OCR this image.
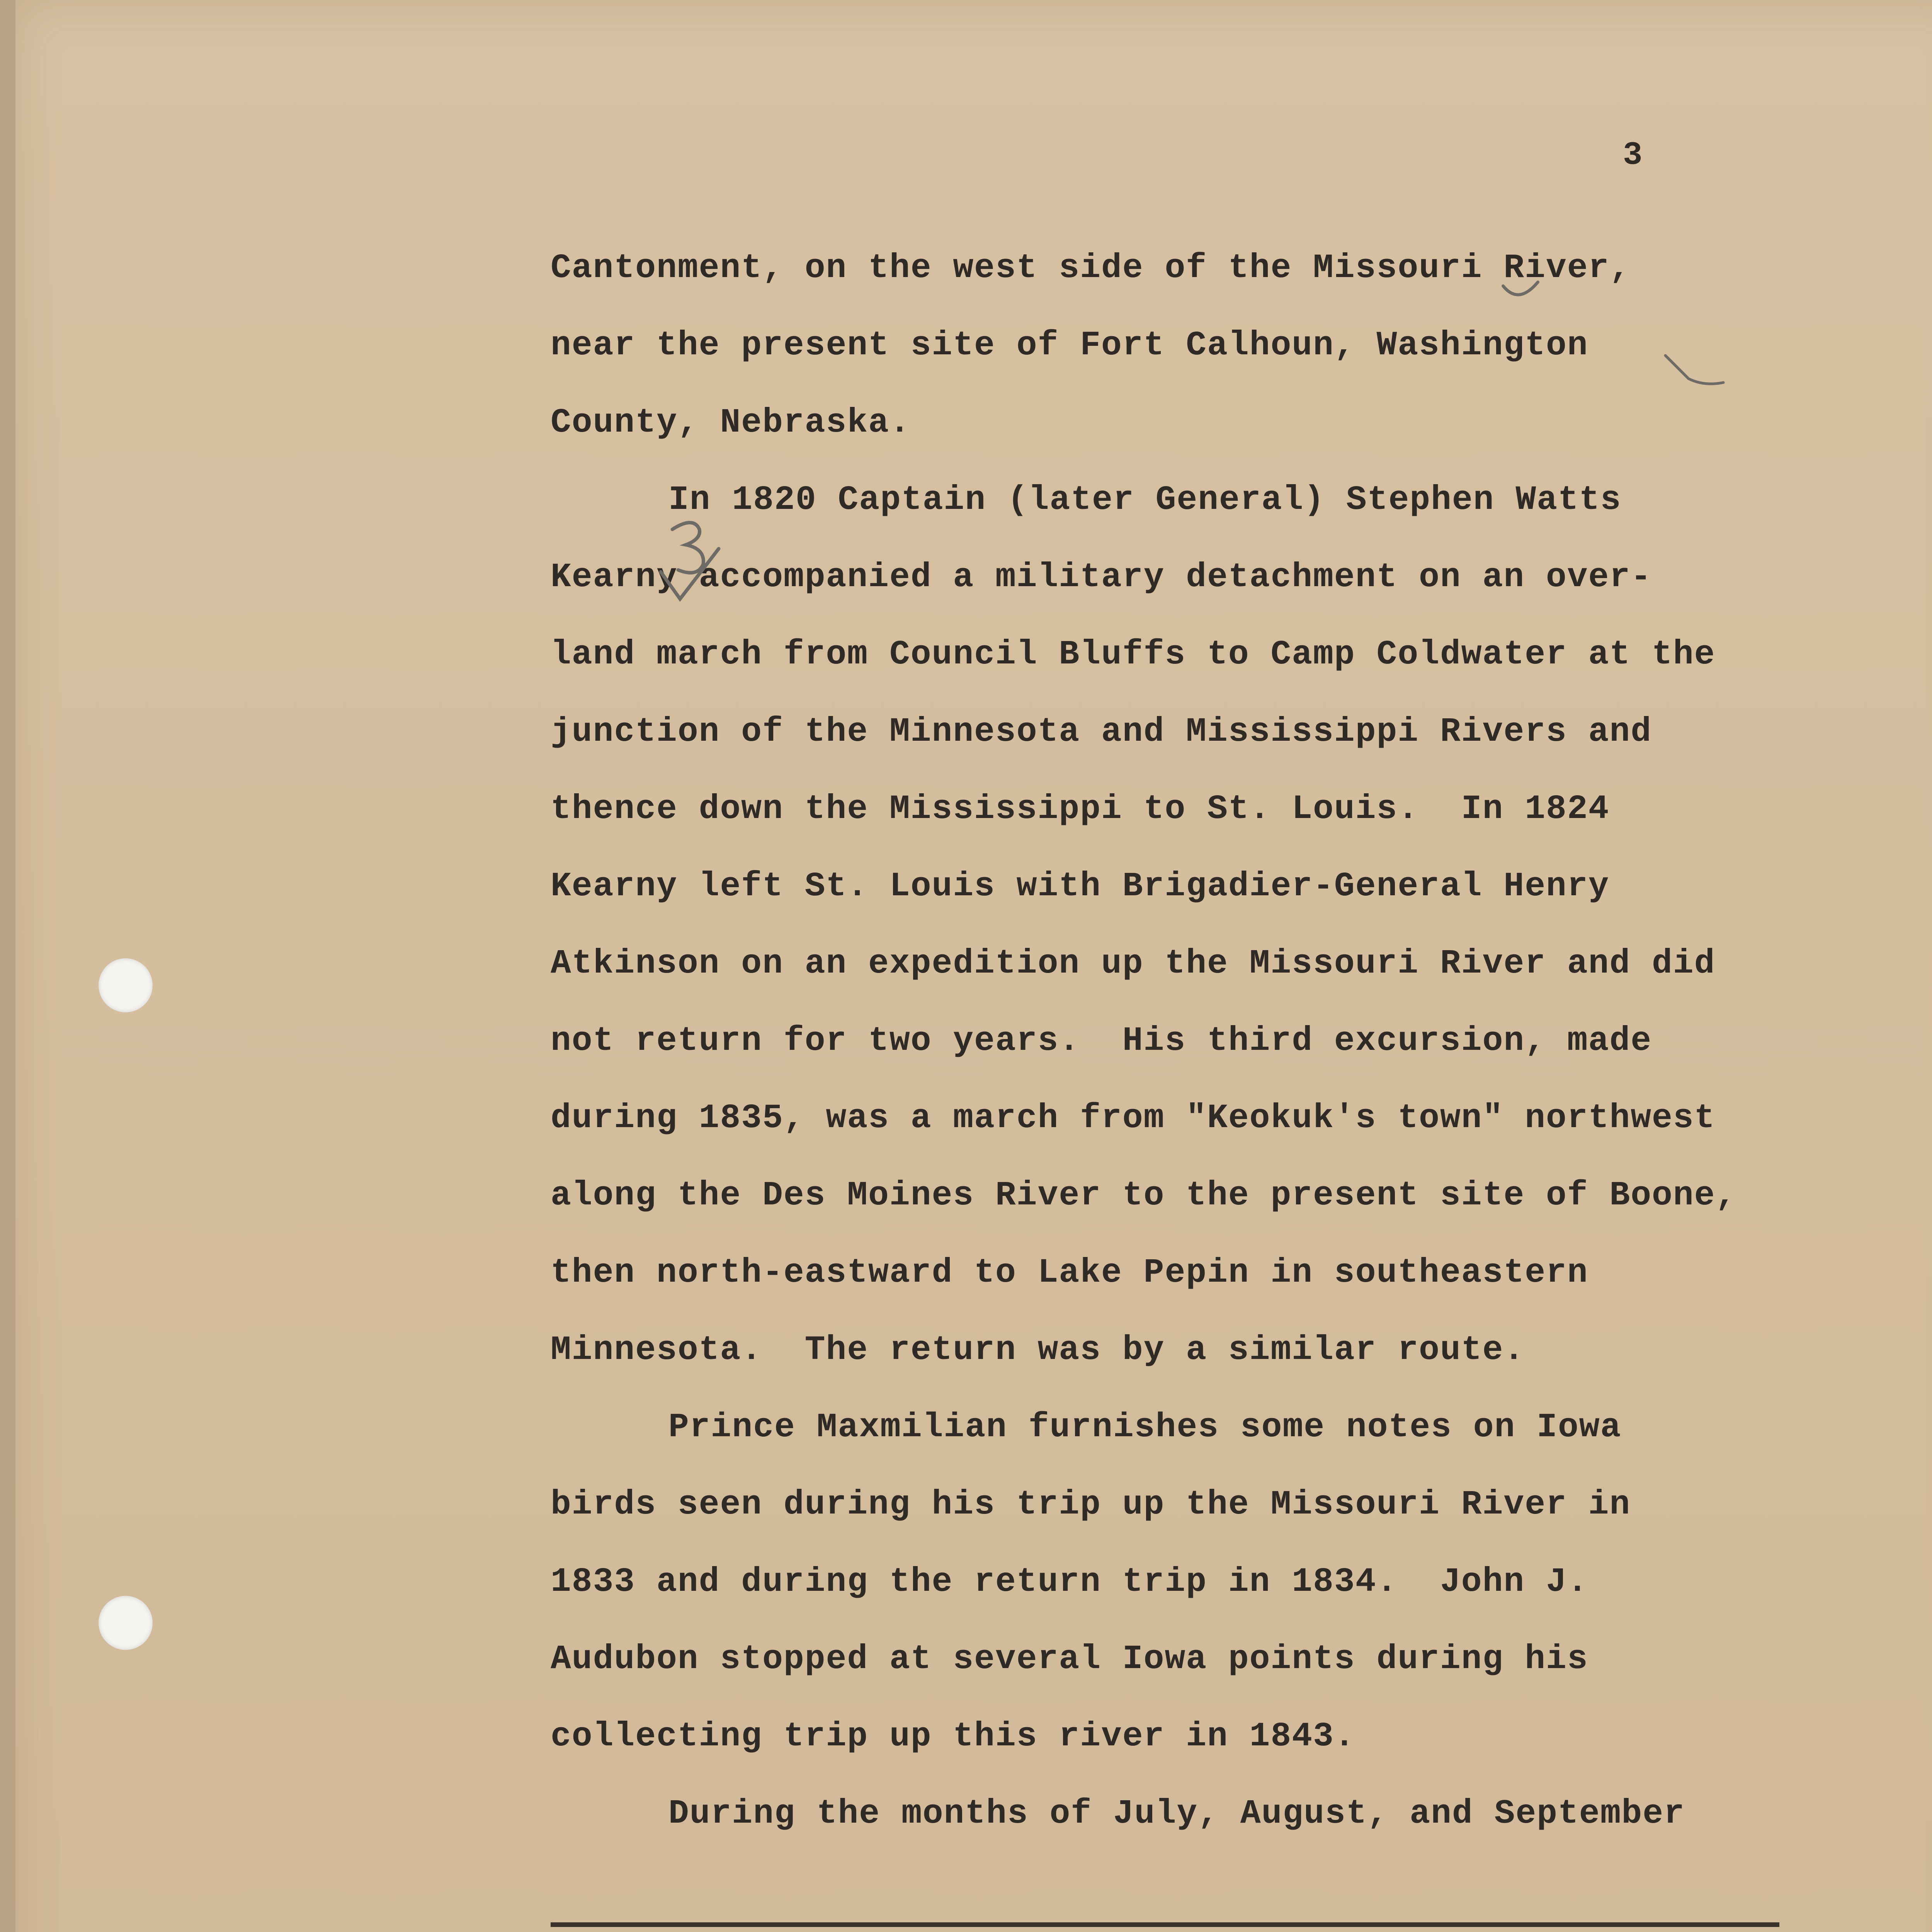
3
Cantonment, on the west side of the Missouri River,
near the present site of Fort Calhoun, Washington
County, Nebraska.
In 1820 Captain (later General) Stephen Watts
Kearny accompanied a military detachment on an over-
land march from Council Bluffs to Camp Coldwater at the
junction of the Minnesota and Mississippi Rivers and
thence down the Mississippi to St. Louis.  In 1824
Kearny left St. Louis with Brigadier-General Henry
Atkinson on an expedition up the Missouri River and did
not return for two years.  His third excursion, made
during 1835, was a march from "Keokuk's town" northwest
along the Des Moines River to the present site of Boone,
then north-eastward to Lake Pepin in southeastern
Minnesota.  The return was by a similar route.
Prince Maxmilian furnishes some notes on Iowa
birds seen during his trip up the Missouri River in
1833 and during the return trip in 1834.  John J.
Audubon stopped at several Iowa points during his
collecting trip up this river in 1843.
During the months of July, August, and September
